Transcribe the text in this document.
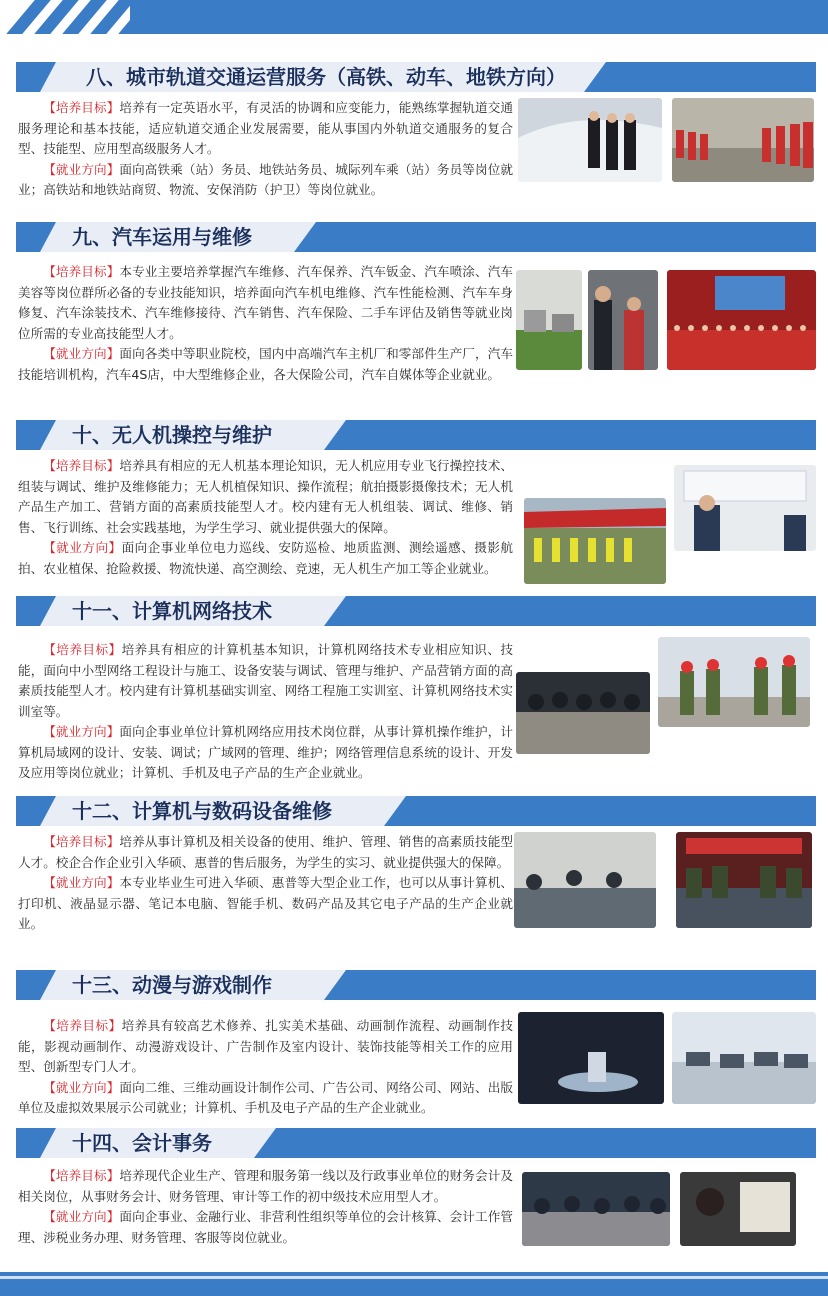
八、城市轨道交通运营服务（高铁、动车、地铁方向）

【培养目标】培养有一定英语水平，有灵活的协调和应变能力，能熟练掌握轨道交通服务理论和基本技能，适应轨道交通企业发展需要，能从事国内外轨道交通服务的复合型、技能型、应用型高级服务人才。

【就业方向】面向高铁乘（站）务员、地铁站务员、城际列车乘（站）务员等岗位就业；高铁站和地铁站商贸、物流、安保消防（护卫）等岗位就业。

九、汽车运用与维修

【培养目标】本专业主要培养掌握汽车维修、汽车保养、汽车钣金、汽车喷涂、汽车美容等岗位群所必备的专业技能知识，培养面向汽车机电维修、汽车性能检测、汽车车身修复、汽车涂装技术、汽车维修接待、汽车销售、汽车保险、二手车评估及销售等就业岗位所需的专业高技能型人才。

【就业方向】面向各类中等职业院校，国内中高端汽车主机厂和零部件生产厂，汽车技能培训机构，汽车4S店，中大型维修企业，各大保险公司，汽车自媒体等企业就业。

十、无人机操控与维护

【培养目标】培养具有相应的无人机基本理论知识，无人机应用专业飞行操控技术、组装与调试、维护及维修能力；无人机植保知识、操作流程；航拍摄影摄像技术；无人机产品生产加工、营销方面的高素质技能型人才。校内建有无人机组装、调试、维修、销售、飞行训练、社会实践基地，为学生学习、就业提供强大的保障。

【就业方向】面向企事业单位电力巡线、安防巡检、地质监测、测绘遥感、摄影航拍、农业植保、抢险救援、物流快递、高空测绘、竞速，无人机生产加工等企业就业。

十一、计算机网络技术

【培养目标】培养具有相应的计算机基本知识，计算机网络技术专业相应知识、技能，面向中小型网络工程设计与施工、设备安装与调试、管理与维护、产品营销方面的高素质技能型人才。校内建有计算机基础实训室、网络工程施工实训室、计算机网络技术实训室等。

【就业方向】面向企事业单位计算机网络应用技术岗位群，从事计算机操作维护，计算机局域网的设计、安装、调试；广域网的管理、维护；网络管理信息系统的设计、开发及应用等岗位就业；计算机、手机及电子产品的生产企业就业。

十二、计算机与数码设备维修

【培养目标】培养从事计算机及相关设备的使用、维护、管理、销售的高素质技能型人才。校企合作企业引入华硕、惠普的售后服务，为学生的实习、就业提供强大的保障。

【就业方向】本专业毕业生可进入华硕、惠普等大型企业工作，也可以从事计算机、打印机、液晶显示器、笔记本电脑、智能手机、数码产品及其它电子产品的生产企业就业。

十三、动漫与游戏制作

【培养目标】培养具有较高艺术修养、扎实美术基础、动画制作流程、动画制作技能，影视动画制作、动漫游戏设计、广告制作及室内设计、装饰技能等相关工作的应用型、创新型专门人才。

【就业方向】面向二维、三维动画设计制作公司、广告公司、网络公司、网站、出版单位及虚拟效果展示公司就业；计算机、手机及电子产品的生产企业就业。

十四、会计事务

【培养目标】培养现代企业生产、管理和服务第一线以及行政事业单位的财务会计及相关岗位，从事财务会计、财务管理、审计等工作的初中级技术应用型人才。

【就业方向】面向企事业、金融行业、非营利性组织等单位的会计核算、会计工作管理、涉税业务办理、财务管理、客服等岗位就业。
